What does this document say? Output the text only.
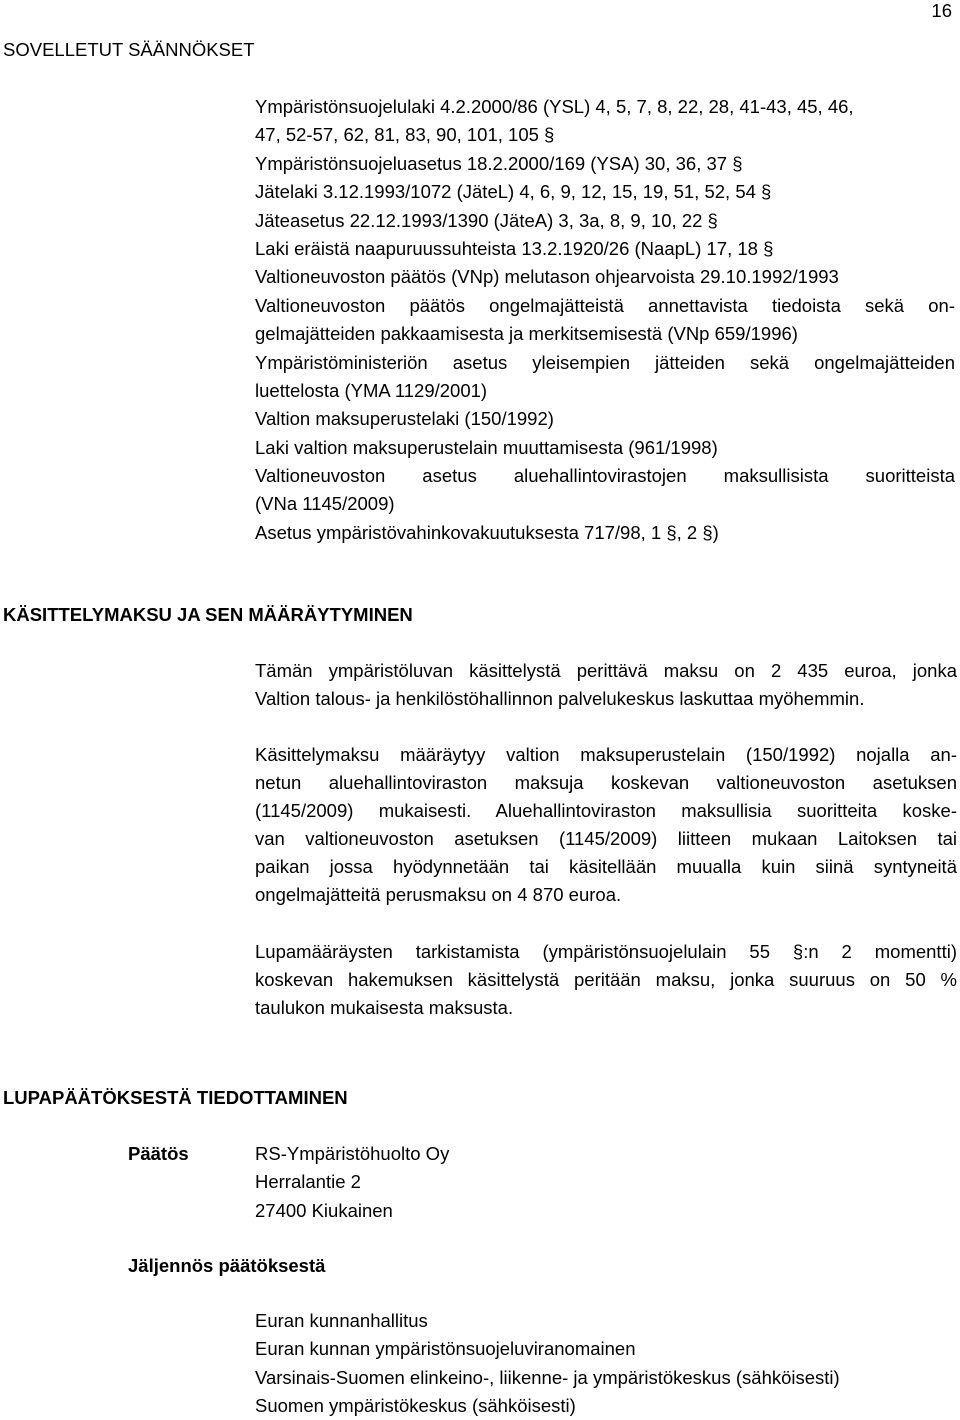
16
SOVELLETUT SÄÄNNÖKSET
Ympäristönsuojelulaki 4.2.2000/86 (YSL) 4, 5, 7, 8, 22, 28, 41-43, 45, 46,
47, 52-57, 62, 81, 83, 90, 101, 105 §
Ympäristönsuojeluasetus 18.2.2000/169 (YSA) 30, 36, 37 §
Jätelaki 3.12.1993/1072 (JäteL) 4, 6, 9, 12, 15, 19, 51, 52, 54 §
Jäteasetus 22.12.1993/1390 (JäteA) 3, 3a, 8, 9, 10, 22 §
Laki eräistä naapuruussuhteista 13.2.1920/26 (NaapL) 17, 18 §
Valtioneuvoston päätös (VNp) melutason ohjearvoista 29.10.1992/1993
Valtioneuvoston päätös ongelmajätteistä annettavista tiedoista sekä on-
gelmajätteiden pakkaamisesta ja merkitsemisestä (VNp 659/1996)
Ympäristöministeriön asetus yleisempien jätteiden sekä ongelmajätteiden
luettelosta (YMA 1129/2001)
Valtion maksuperustelaki (150/1992)
Laki valtion maksuperustelain muuttamisesta (961/1998)
Valtioneuvoston asetus aluehallintovirastojen maksullisista suoritteista
(VNa 1145/2009)
Asetus ympäristövahinkovakuutuksesta 717/98, 1 §, 2 §)
KÄSITTELYMAKSU JA SEN MÄÄRÄYTYMINEN
Tämän ympäristöluvan käsittelystä perittävä maksu on 2 435 euroa, jonka
Valtion talous- ja henkilöstöhallinnon palvelukeskus laskuttaa myöhemmin.
Käsittelymaksu määräytyy valtion maksuperustelain (150/1992) nojalla an-
netun aluehallintoviraston maksuja koskevan valtioneuvoston asetuksen
(1145/2009) mukaisesti. Aluehallintoviraston maksullisia suoritteita koske-
van valtioneuvoston asetuksen (1145/2009) liitteen mukaan Laitoksen tai
paikan jossa hyödynnetään tai käsitellään muualla kuin siinä syntyneitä
ongelmajätteitä perusmaksu on 4 870 euroa.
Lupamääräysten tarkistamista (ympäristönsuojelulain 55 §:n 2 momentti)
koskevan hakemuksen käsittelystä peritään maksu, jonka suuruus on 50 %
taulukon mukaisesta maksusta.
LUPAPÄÄTÖKSESTÄ TIEDOTTAMINEN
Päätös	RS-Ympäristöhuolto Oy
Herralantie 2
27400 Kiukainen
Jäljennös päätöksestä
Euran kunnanhallitus
Euran kunnan ympäristönsuojeluviranomainen
Varsinais-Suomen elinkeino-, liikenne- ja ympäristökeskus (sähköisesti)
Suomen ympäristökeskus (sähköisesti)
